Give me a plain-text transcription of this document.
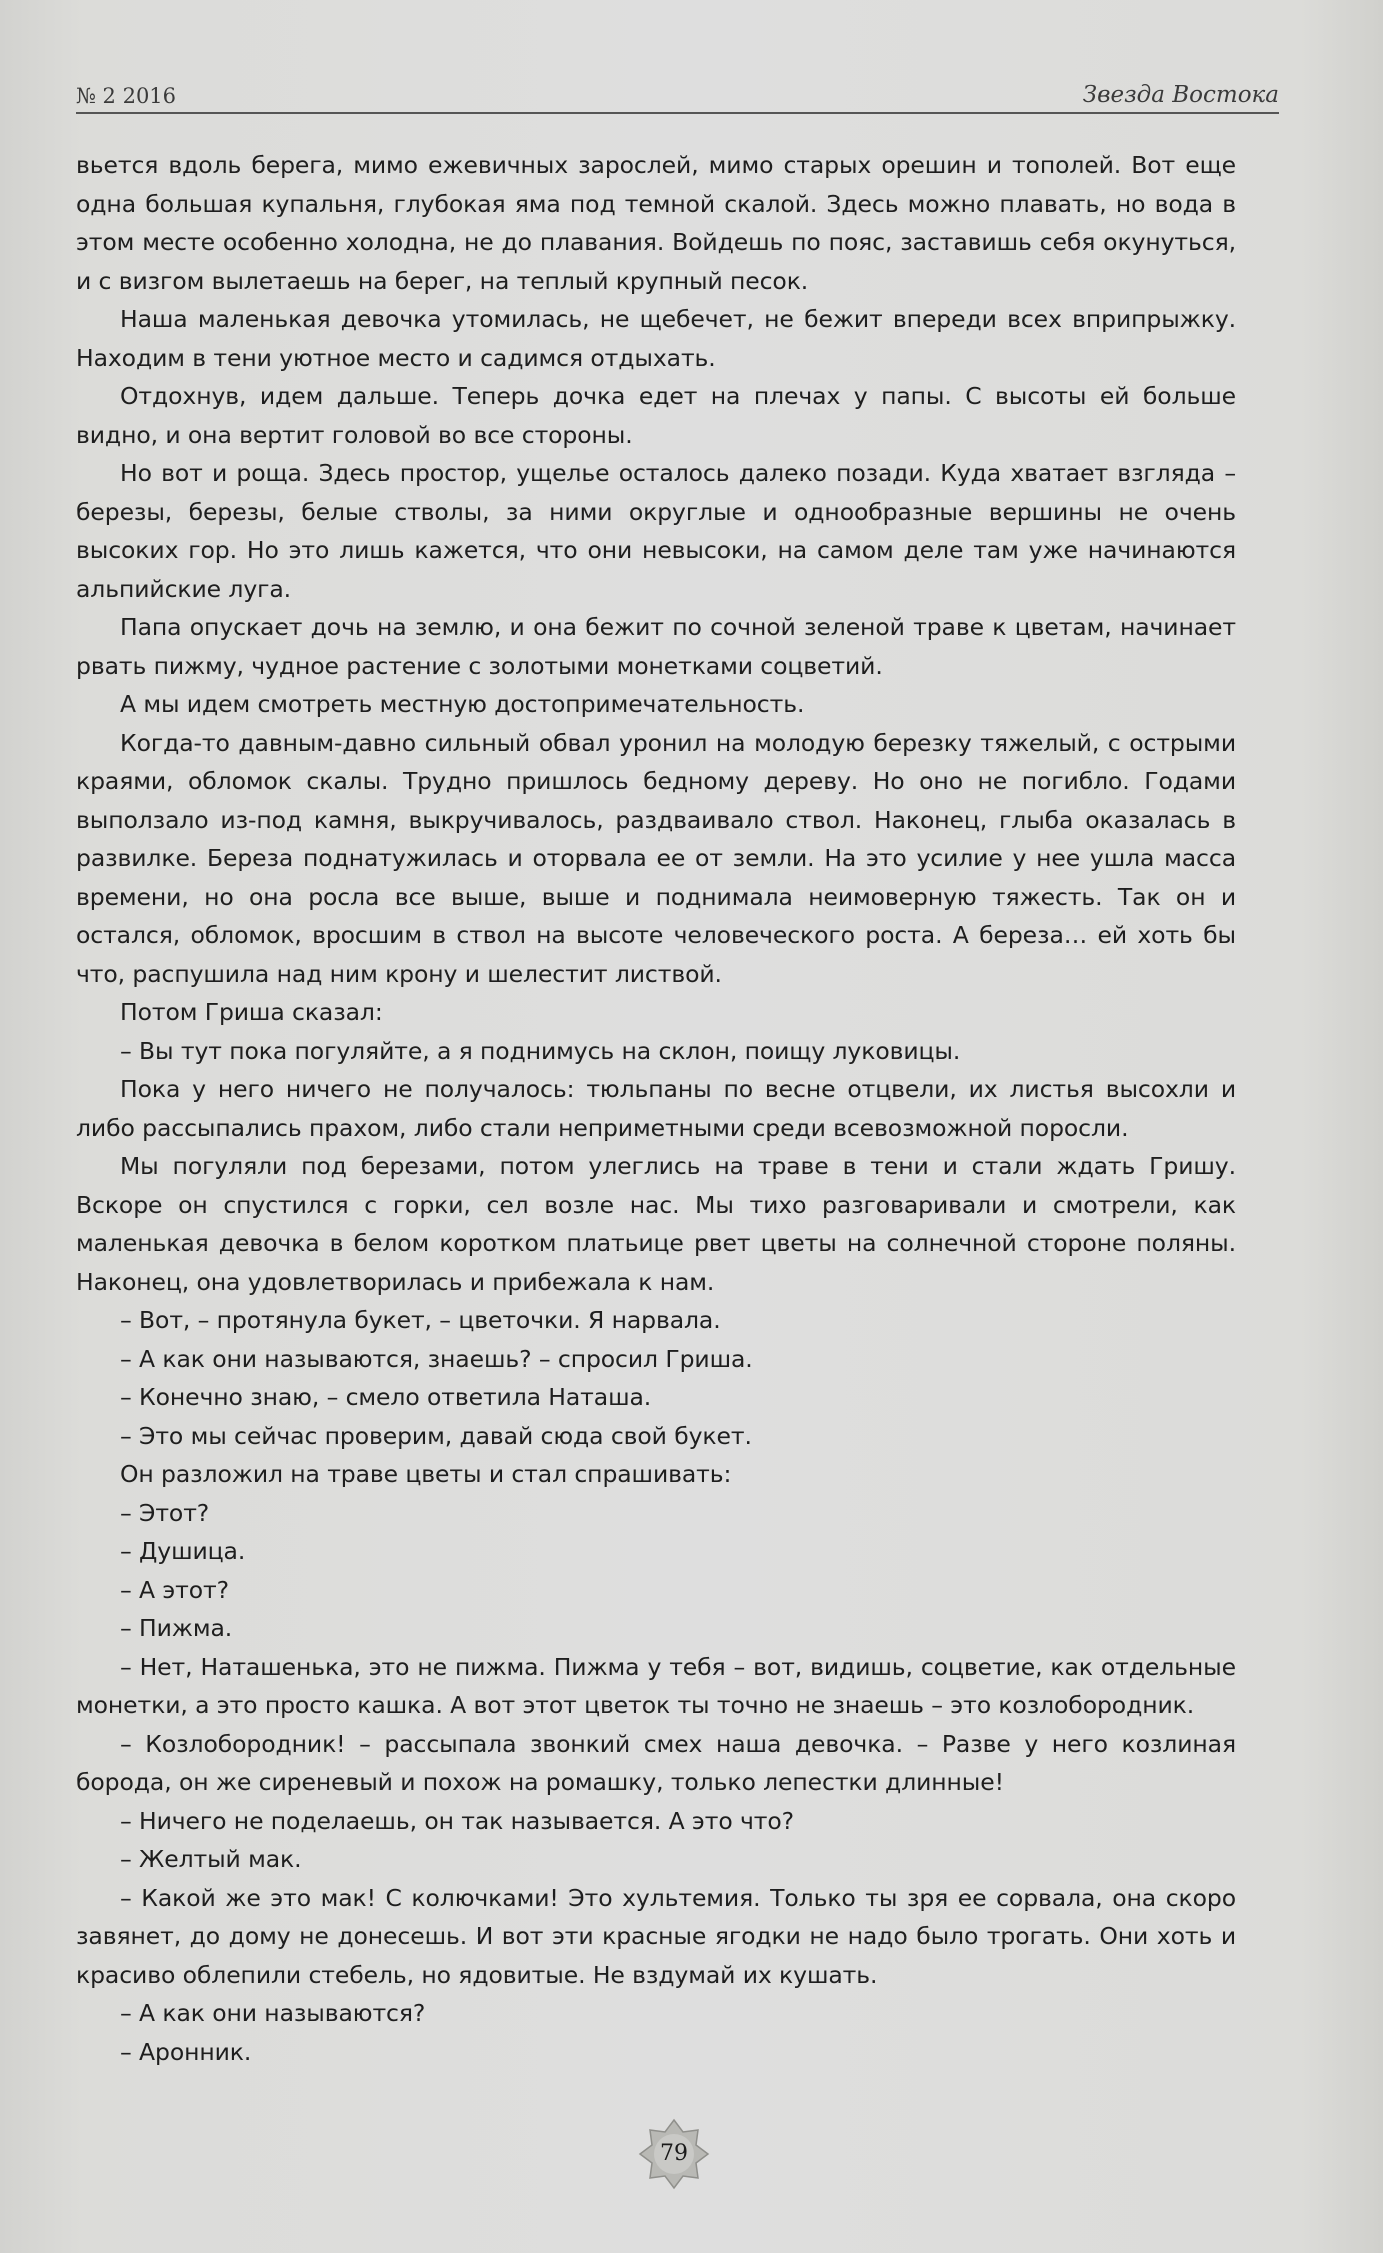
№ 2 2016	Звезда Востока

вьется вдоль берега, мимо ежевичных зарослей, мимо старых орешин и тополей. Вот еще одна большая купальня, глубокая яма под темной скалой. Здесь можно плавать, но вода в этом месте особенно холодна, не до плавания. Войдешь по пояс, заставишь себя окунуться, и с визгом вылетаешь на берег, на теплый крупный песок.

Наша маленькая девочка утомилась, не щебечет, не бежит впереди всех вприпрыжку. Находим в тени уютное место и садимся отдыхать.

Отдохнув, идем дальше. Теперь дочка едет на плечах у папы. С высоты ей больше видно, и она вертит головой во все стороны.

Но вот и роща. Здесь простор, ущелье осталось далеко позади. Куда хватает взгляда – березы, березы, белые стволы, за ними округлые и однообразные вершины не очень высоких гор. Но это лишь кажется, что они невысоки, на самом деле там уже начинаются альпийские луга.

Папа опускает дочь на землю, и она бежит по сочной зеленой траве к цветам, начинает рвать пижму, чудное растение с золотыми монетками соцветий.

А мы идем смотреть местную достопримечательность.

Когда-то давным-давно сильный обвал уронил на молодую березку тяжелый, с острыми краями, обломок скалы. Трудно пришлось бедному дереву. Но оно не погибло. Годами выползало из-под камня, выкручивалось, раздваивало ствол. Наконец, глыба оказалась в развилке. Береза поднатужилась и оторвала ее от земли. На это усилие у нее ушла масса времени, но она росла все выше, выше и поднимала неимоверную тяжесть. Так он и остался, обломок, вросшим в ствол на высоте человеческого роста. А береза… ей хоть бы что, распушила над ним крону и шелестит листвой.

Потом Гриша сказал:

– Вы тут пока погуляйте, а я поднимусь на склон, поищу луковицы.

Пока у него ничего не получалось: тюльпаны по весне отцвели, их листья высохли и либо рассыпались прахом, либо стали неприметными среди всевозможной поросли.

Мы погуляли под березами, потом улеглись на траве в тени и стали ждать Гришу. Вскоре он спустился с горки, сел возле нас. Мы тихо разговаривали и смотрели, как маленькая девочка в белом коротком платьице рвет цветы на солнечной стороне поляны. Наконец, она удовлетворилась и прибежала к нам.

– Вот, – протянула букет, – цветочки. Я нарвала.

– А как они называются, знаешь? – спросил Гриша.

– Конечно знаю, – смело ответила Наташа.

– Это мы сейчас проверим, давай сюда свой букет.

Он разложил на траве цветы и стал спрашивать:

– Этот?

– Душица.

– А этот?

– Пижма.

– Нет, Наташенька, это не пижма. Пижма у тебя – вот, видишь, соцветие, как отдельные монетки, а это просто кашка. А вот этот цветок ты точно не знаешь – это козлобородник.

– Козлобородник! – рассыпала звонкий смех наша девочка. – Разве у него козлиная борода, он же сиреневый и похож на ромашку, только лепестки длинные!

– Ничего не поделаешь, он так называется. А это что?

– Желтый мак.

– Какой же это мак! С колючками! Это хультемия. Только ты зря ее сорвала, она скоро завянет, до дому не донесешь. И вот эти красные ягодки не надо было трогать. Они хоть и красиво облепили стебель, но ядовитые. Не вздумай их кушать.

– А как они называются?

– Аронник.

79
